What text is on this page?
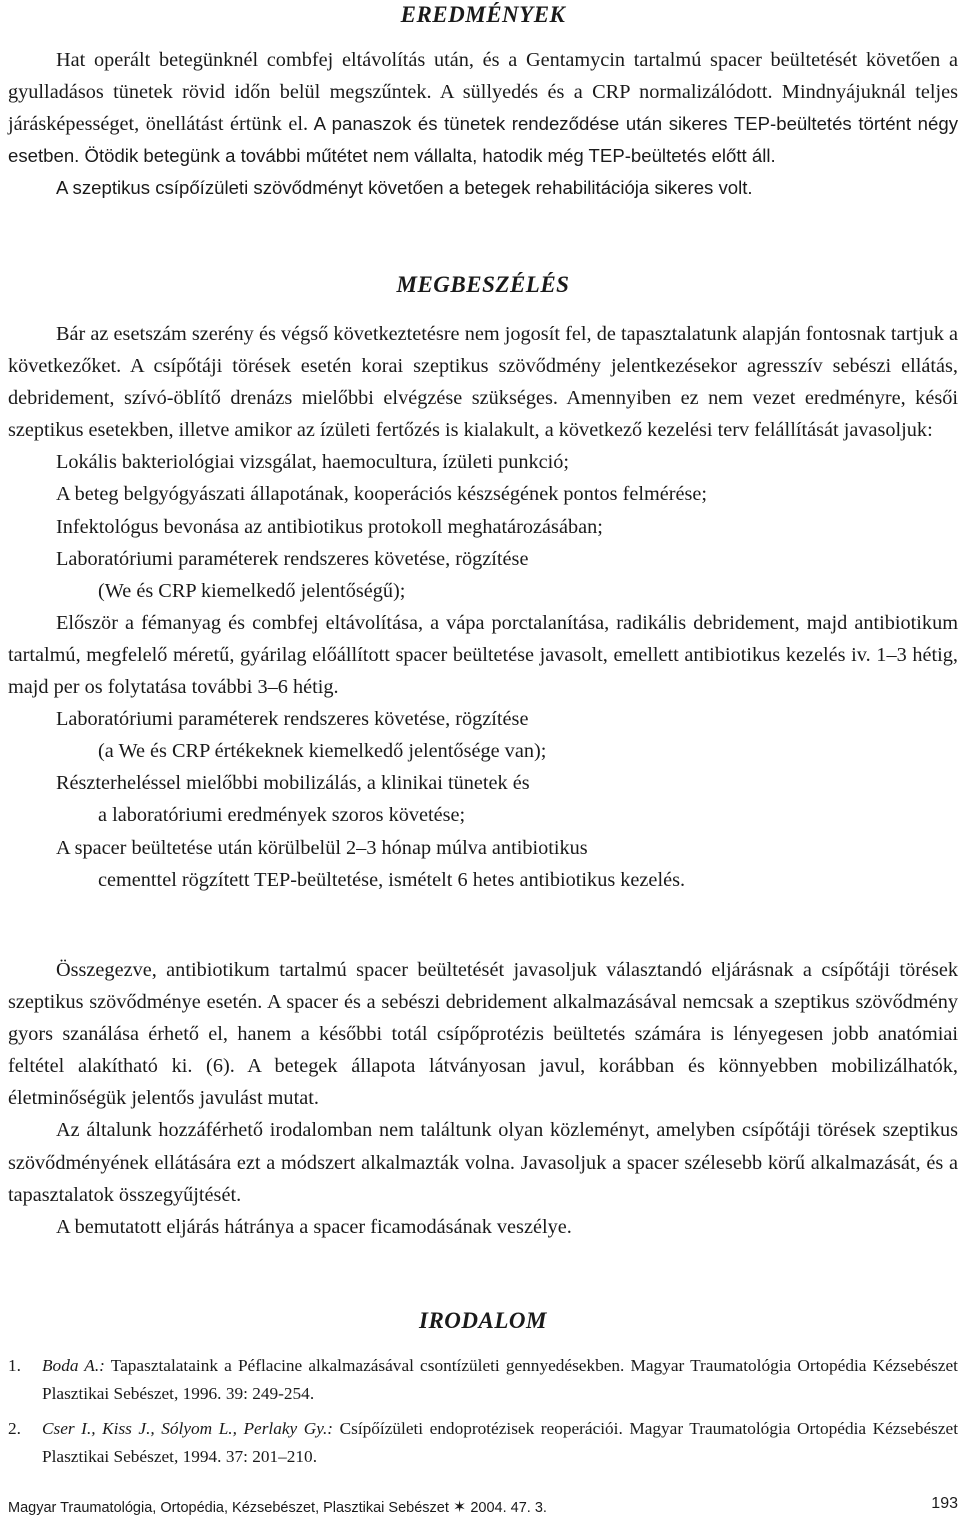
EREDMÉNYEK

Hat operált betegünknél combfej eltávolítás után, és a Gentamycin tartalmú spacer beültetését követően a gyulladásos tünetek rövid időn belül megszűntek. A süllyedés és a CRP normalizálódott. Mindnyájuknál teljes járásképességet, önellátást értünk el. A panaszok és tünetek rendeződése után sikeres TEP-beültetés történt négy esetben. Ötödik betegünk a további műtétet nem vállalta, hatodik még TEP-beültetés előtt áll.

A szeptikus csípőízületi szövődményt követően a betegek rehabilitációja sikeres volt.

MEGBESZÉLÉS

Bár az esetszám szerény és végső következtetésre nem jogosít fel, de tapasztalatunk alapján fontosnak tartjuk a következőket. A csípőtáji törések esetén korai szeptikus szövődmény jelentkezésekor agresszív sebészi ellátás, debridement, szívó-öblítő drenázs mielőbbi elvégzése szükséges. Amennyiben ez nem vezet eredményre, késői szeptikus esetekben, illetve amikor az ízületi fertőzés is kialakult, a következő kezelési terv felállítását javasoljuk:

Lokális bakteriológiai vizsgálat, haemocultura, ízületi punkció;

A beteg belgyógyászati állapotának, kooperációs készségének pontos felmérése;

Infektológus bevonása az antibiotikus protokoll meghatározásában;

Laboratóriumi paraméterek rendszeres követése, rögzítése

(We és CRP kiemelkedő jelentőségű);

Először a fémanyag és combfej eltávolítása, a vápa porctalanítása, radikális debridement, majd antibiotikum tartalmú, megfelelő méretű, gyárilag előállított spacer beültetése javasolt, emellett antibiotikus kezelés iv. 1–3 hétig, majd per os folytatása további 3–6 hétig.

Laboratóriumi paraméterek rendszeres követése, rögzítése

(a We és CRP értékeknek kiemelkedő jelentősége van);

Részterheléssel mielőbbi mobilizálás, a klinikai tünetek és

a laboratóriumi eredmények szoros követése;

A spacer beültetése után körülbelül 2–3 hónap múlva antibiotikus

cementtel rögzített TEP-beültetése, ismételt 6 hetes antibiotikus kezelés.

Összegezve, antibiotikum tartalmú spacer beültetését javasoljuk választandó eljárásnak a csípőtáji törések szeptikus szövődménye esetén. A spacer és a sebészi debridement alkalmazásával nemcsak a szeptikus szövődmény gyors szanálása érhető el, hanem a későbbi totál csípőprotézis beültetés számára is lényegesen jobb anatómiai feltétel alakítható ki. (6). A betegek állapota látványosan javul, korábban és könnyebben mobilizálhatók, életminőségük jelentős javulást mutat.

Az általunk hozzáférhető irodalomban nem találtunk olyan közleményt, amelyben csípőtáji törések szeptikus szövődményének ellátására ezt a módszert alkalmazták volna. Javasoljuk a spacer szélesebb körű alkalmazását, és a tapasztalatok összegyűjtését.

A bemutatott eljárás hátránya a spacer ficamodásának veszélye.

IRODALOM
1. Boda A.: Tapasztalataink a Péflacine alkalmazásával csontízületi gennyedésekben. Magyar Traumatológia Ortopédia Kézsebészet Plasztikai Sebészet, 1996. 39: 249-254.
2. Cser I., Kiss J., Sólyom L., Perlaky Gy.: Csípőízületi endoprotézisek reoperációi. Magyar Traumatológia Ortopédia Kézsebészet Plasztikai Sebészet, 1994. 37: 201–210.
Magyar Traumatológia, Ortopédia, Kézsebészet, Plasztikai Sebészet ✶ 2004. 47. 3.	193
